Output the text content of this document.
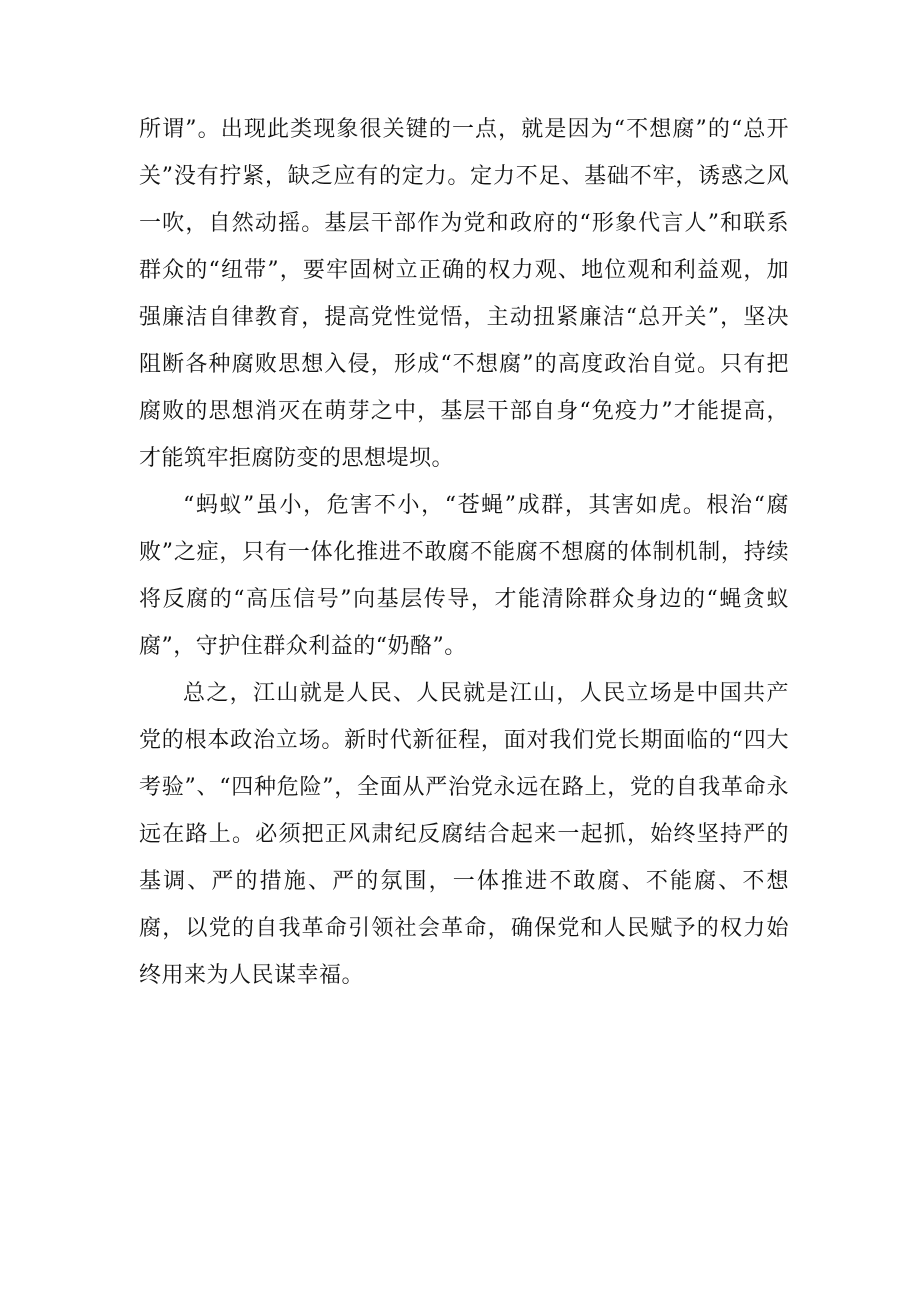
所谓”。出现此类现象很关键的一点，就是因为“不想腐”的“总开关”没有拧紧，缺乏应有的定力。定力不足、基础不牢，诱惑之风一吹，自然动摇。基层干部作为党和政府的“形象代言人”和联系群众的“纽带”，要牢固树立正确的权力观、地位观和利益观，加强廉洁自律教育，提高党性觉悟，主动扭紧廉洁“总开关”，坚决阻断各种腐败思想入侵，形成“不想腐”的高度政治自觉。只有把腐败的思想消灭在萌芽之中，基层干部自身“免疫力”才能提高，才能筑牢拒腐防变的思想堤坝。

“蚂蚁”虽小，危害不小，“苍蝇”成群，其害如虎。根治“腐败”之症，只有一体化推进不敢腐不能腐不想腐的体制机制，持续将反腐的“高压信号”向基层传导，才能清除群众身边的“蝇贪蚁腐”，守护住群众利益的“奶酪”。

总之，江山就是人民、人民就是江山，人民立场是中国共产党的根本政治立场。新时代新征程，面对我们党长期面临的“四大考验”、“四种危险”，全面从严治党永远在路上，党的自我革命永远在路上。必须把正风肃纪反腐结合起来一起抓，始终坚持严的基调、严的措施、严的氛围，一体推进不敢腐、不能腐、不想腐，以党的自我革命引领社会革命，确保党和人民赋予的权力始终用来为人民谋幸福。
